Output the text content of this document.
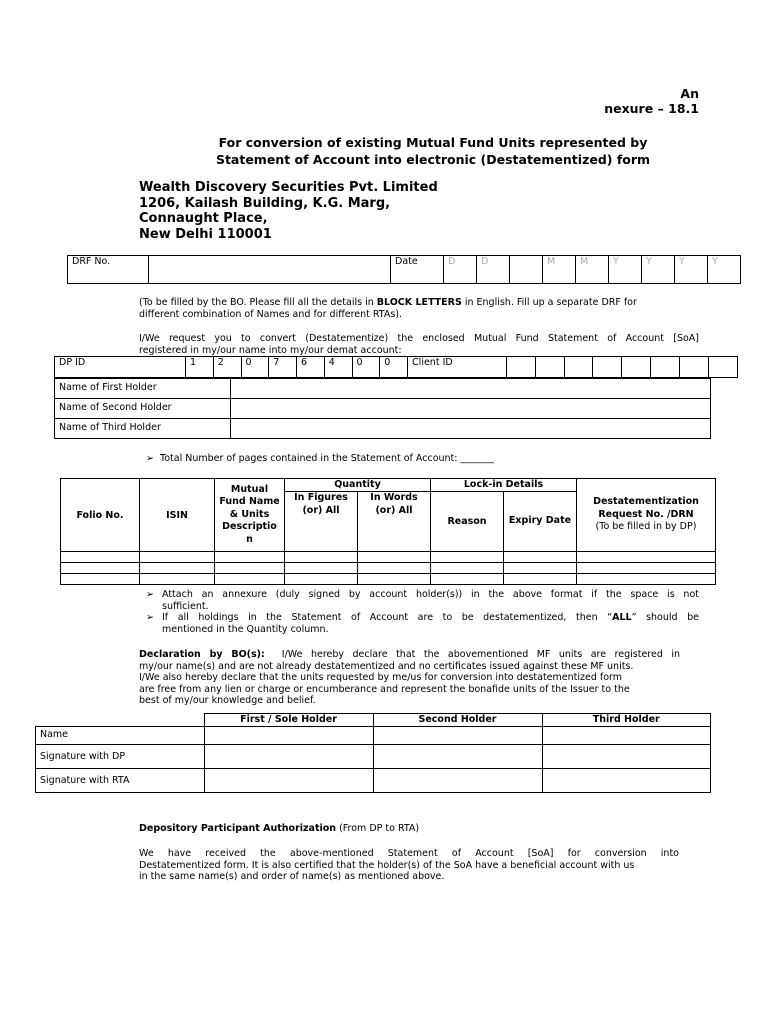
An
nexure – 18.1
For conversion of existing Mutual Fund Units represented by
Statement of Account into electronic (Destatementized) form
Wealth Discovery Securities Pvt. Limited
1206, Kailash Building, K.G. Marg,
Connaught Place,
New Delhi 110001
DRF No.		Date	D	D		M	M	Y	Y	Y	Y
(To be filled by the BO. Please fill all the details in BLOCK LETTERS in English. Fill up a separate DRF for
different combination of Names and for different RTAs).
I/We request you to convert (Destatementize) the enclosed Mutual Fund Statement of Account [SoA]
registered in my/our name into my/our demat account:
DP ID	1	2	0	7	6	4	0	0	Client ID								
Name of First Holder	
Name of Second Holder	
Name of Third Holder	
➢ Total Number of pages contained in the Statement of Account: _______
Folio No.	ISIN	Mutual Fund Name & Units Descriptio n	Quantity		Lock-in Details		Destatementization Request No. /DRN
(To be filled in by DP)

			In Figures (or) All	In Words (or) All	Reason	Expiry Date	

➢ Attach an annexure (duly signed by account holder(s)) in the above format if the space is not
sufficient.
➢ If all holdings in the Statement of Account are to be destatementized, then “ALL” should be
mentioned in the Quantity column.
Declaration by BO(s): I/We hereby declare that the abovementioned MF units are registered in
my/our name(s) and are not already destatementized and no certificates issued against these MF units.
I/We also hereby declare that the units requested by me/us for conversion into destatementized form
are free from any lien or charge or encumberance and represent the bonafide units of the Issuer to the
best of my/our knowledge and belief.
	First / Sole Holder	Second Holder	Third Holder
Name			
Signature with DP			
Signature with RTA			
Depository Participant Authorization (From DP to RTA)
We have received the above-mentioned Statement of Account [SoA] for conversion into
Destatementized form. It is also certified that the holder(s) of the SoA have a beneficial account with us
in the same name(s) and order of name(s) as mentioned above.
